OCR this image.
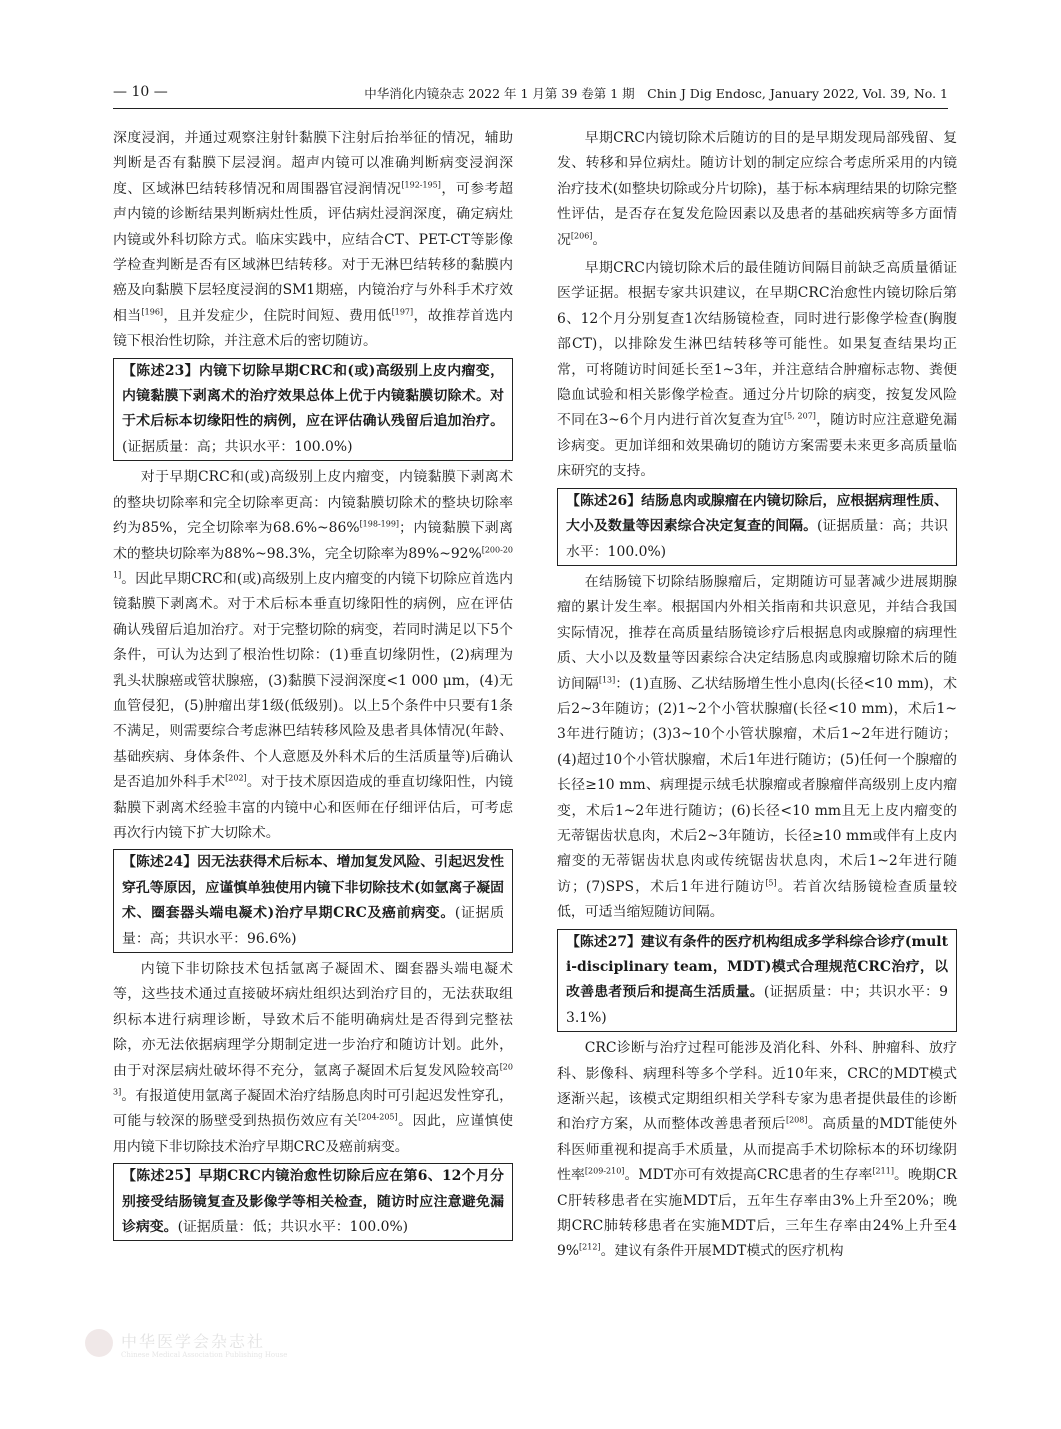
— 10 —	中华消化内镜杂志 2022 年 1 月第 39 卷第 1 期　Chin J Dig Endosc, January 2022, Vol. 39, No. 1

深度浸润，并通过观察注射针黏膜下注射后抬举征的情况，辅助判断是否有黏膜下层浸润。超声内镜可以准确判断病变浸润深度、区域淋巴结转移情况和周围器官浸润情况[192-195]，可参考超声内镜的诊断结果判断病灶性质，评估病灶浸润深度，确定病灶内镜或外科切除方式。临床实践中，应结合CT、PET-CT等影像学检查判断是否有区域淋巴结转移。对于无淋巴结转移的黏膜内癌及向黏膜下层轻度浸润的SM1期癌，内镜治疗与外科手术疗效相当[196]，且并发症少，住院时间短、费用低[197]，故推荐首选内镜下根治性切除，并注意术后的密切随访。

【陈述23】内镜下切除早期CRC和(或)高级别上皮内瘤变，内镜黏膜下剥离术的治疗效果总体上优于内镜黏膜切除术。对于术后标本切缘阳性的病例，应在评估确认残留后追加治疗。(证据质量：高；共识水平：100.0%)

对于早期CRC和(或)高级别上皮内瘤变，内镜黏膜下剥离术的整块切除率和完全切除率更高：内镜黏膜切除术的整块切除率约为85%，完全切除率为68.6%~86%[198-199]；内镜黏膜下剥离术的整块切除率为88%~98.3%，完全切除率为89%~92%[200-201]。因此早期CRC和(或)高级别上皮内瘤变的内镜下切除应首选内镜黏膜下剥离术。对于术后标本垂直切缘阳性的病例，应在评估确认残留后追加治疗。对于完整切除的病变，若同时满足以下5个条件，可认为达到了根治性切除：(1)垂直切缘阴性，(2)病理为乳头状腺癌或管状腺癌，(3)黏膜下浸润深度<1 000 μm，(4)无血管侵犯，(5)肿瘤出芽1级(低级别)。以上5个条件中只要有1条不满足，则需要综合考虑淋巴结转移风险及患者具体情况(年龄、基础疾病、身体条件、个人意愿及外科术后的生活质量等)后确认是否追加外科手术[202]。对于技术原因造成的垂直切缘阳性，内镜黏膜下剥离术经验丰富的内镜中心和医师在仔细评估后，可考虑再次行内镜下扩大切除术。

【陈述24】因无法获得术后标本、增加复发风险、引起迟发性穿孔等原因，应谨慎单独使用内镜下非切除技术(如氩离子凝固术、圈套器头端电凝术)治疗早期CRC及癌前病变。(证据质量：高；共识水平：96.6%)

内镜下非切除技术包括氩离子凝固术、圈套器头端电凝术等，这些技术通过直接破坏病灶组织达到治疗目的，无法获取组织标本进行病理诊断，导致术后不能明确病灶是否得到完整祛除，亦无法依据病理学分期制定进一步治疗和随访计划。此外，由于对深层病灶破坏得不充分，氩离子凝固术后复发风险较高[203]。有报道使用氩离子凝固术治疗结肠息肉时可引起迟发性穿孔，可能与较深的肠壁受到热损伤效应有关[204-205]。因此，应谨慎使用内镜下非切除技术治疗早期CRC及癌前病变。

【陈述25】早期CRC内镜治愈性切除后应在第6、12个月分别接受结肠镜复查及影像学等相关检查，随访时应注意避免漏诊病变。(证据质量：低；共识水平：100.0%)

早期CRC内镜切除术后随访的目的是早期发现局部残留、复发、转移和异位病灶。随访计划的制定应综合考虑所采用的内镜治疗技术(如整块切除或分片切除)，基于标本病理结果的切除完整性评估，是否存在复发危险因素以及患者的基础疾病等多方面情况[206]。

早期CRC内镜切除术后的最佳随访间隔目前缺乏高质量循证医学证据。根据专家共识建议，在早期CRC治愈性内镜切除后第6、12个月分别复查1次结肠镜检查，同时进行影像学检查(胸腹部CT)，以排除发生淋巴结转移等可能性。如果复查结果均正常，可将随访时间延长至1~3年，并注意结合肿瘤标志物、粪便隐血试验和相关影像学检查。通过分片切除的病变，按复发风险不同在3~6个月内进行首次复查为宜[5, 207]，随访时应注意避免漏诊病变。更加详细和效果确切的随访方案需要未来更多高质量临床研究的支持。

【陈述26】结肠息肉或腺瘤在内镜切除后，应根据病理性质、大小及数量等因素综合决定复查的间隔。(证据质量：高；共识水平：100.0%)

在结肠镜下切除结肠腺瘤后，定期随访可显著减少进展期腺瘤的累计发生率。根据国内外相关指南和共识意见，并结合我国实际情况，推荐在高质量结肠镜诊疗后根据息肉或腺瘤的病理性质、大小以及数量等因素综合决定结肠息肉或腺瘤切除术后的随访间隔[13]：(1)直肠、乙状结肠增生性小息肉(长径<10 mm)，术后2~3年随访；(2)1~2个小管状腺瘤(长径<10 mm)，术后1~3年进行随访；(3)3~10个小管状腺瘤，术后1~2年进行随访；(4)超过10个小管状腺瘤，术后1年进行随访；(5)任何一个腺瘤的长径≥10 mm、病理提示绒毛状腺瘤或者腺瘤伴高级别上皮内瘤变，术后1~2年进行随访；(6)长径<10 mm且无上皮内瘤变的无蒂锯齿状息肉，术后2~3年随访，长径≥10 mm或伴有上皮内瘤变的无蒂锯齿状息肉或传统锯齿状息肉，术后1~2年进行随访；(7)SPS，术后1年进行随访[5]。若首次结肠镜检查质量较低，可适当缩短随访间隔。

【陈述27】建议有条件的医疗机构组成多学科综合诊疗(multi-disciplinary team，MDT)模式合理规范CRC治疗，以改善患者预后和提高生活质量。(证据质量：中；共识水平：93.1%)

CRC诊断与治疗过程可能涉及消化科、外科、肿瘤科、放疗科、影像科、病理科等多个学科。近10年来，CRC的MDT模式逐渐兴起，该模式定期组织相关学科专家为患者提供最佳的诊断和治疗方案，从而整体改善患者预后[208]。高质量的MDT能使外科医师重视和提高手术质量，从而提高手术切除标本的环切缘阴性率[209-210]。MDT亦可有效提高CRC患者的生存率[211]。晚期CRC肝转移患者在实施MDT后，五年生存率由3%上升至20%；晚期CRC肺转移患者在实施MDT后，三年生存率由24%上升至49%[212]。建议有条件开展MDT模式的医疗机构

中华医学会杂志社
Chinese Medical Association Publishing House
